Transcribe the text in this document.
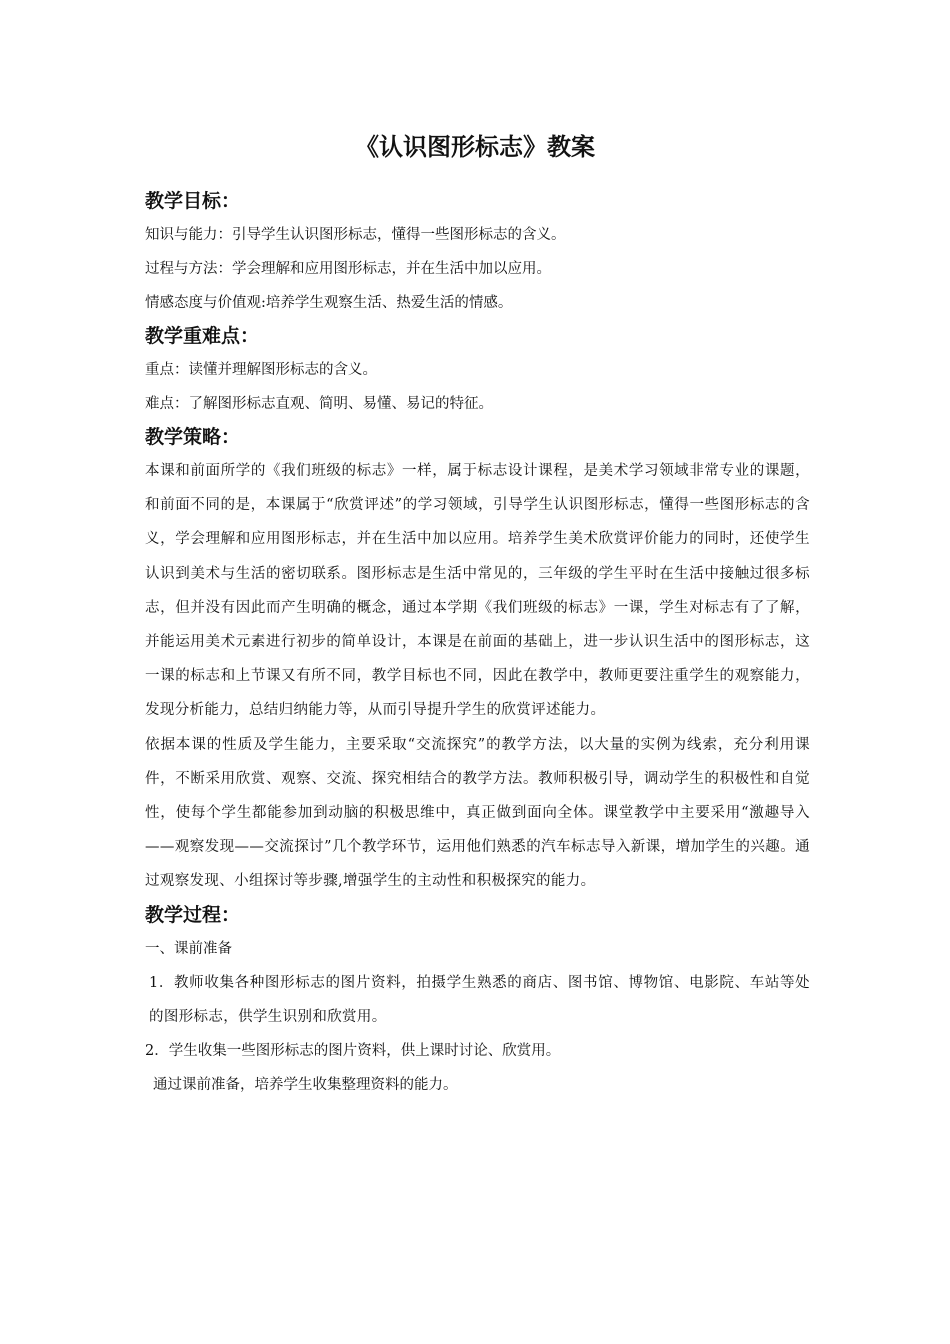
《认识图形标志》教案
教学目标：

知识与能力：引导学生认识图形标志，懂得一些图形标志的含义。

过程与方法：学会理解和应用图形标志，并在生活中加以应用。

情感态度与价值观:培养学生观察生活、热爱生活的情感。

教学重难点：

重点：读懂并理解图形标志的含义。

难点：了解图形标志直观、简明、易懂、易记的特征。

教学策略：

本课和前面所学的《我们班级的标志》一样，属于标志设计课程，是美术学习领域非常专业的课题，和前面不同的是，本课属于“欣赏评述”的学习领域，引导学生认识图形标志，懂得一些图形标志的含义，学会理解和应用图形标志，并在生活中加以应用。培养学生美术欣赏评价能力的同时，还使学生认识到美术与生活的密切联系。图形标志是生活中常见的，三年级的学生平时在生活中接触过很多标志，但并没有因此而产生明确的概念，通过本学期《我们班级的标志》一课，学生对标志有了了解，并能运用美术元素进行初步的简单设计，本课是在前面的基础上，进一步认识生活中的图形标志，这一课的标志和上节课又有所不同，教学目标也不同，因此在教学中，教师更要注重学生的观察能力，发现分析能力，总结归纳能力等，从而引导提升学生的欣赏评述能力。

依据本课的性质及学生能力，主要采取“交流探究”的教学方法，以大量的实例为线索，充分利用课件，不断采用欣赏、观察、交流、探究相结合的教学方法。教师积极引导，调动学生的积极性和自觉性，使每个学生都能参加到动脑的积极思维中，真正做到面向全体。课堂教学中主要采用“激趣导入——观察发现——交流探讨”几个教学环节，运用他们熟悉的汽车标志导入新课，增加学生的兴趣。通过观察发现、小组探讨等步骤,增强学生的主动性和积极探究的能力。

教学过程：

一、课前准备

1．教师收集各种图形标志的图片资料，拍摄学生熟悉的商店、图书馆、博物馆、电影院、车站等处的图形标志，供学生识别和欣赏用。

2．学生收集一些图形标志的图片资料，供上课时讨论、欣赏用。

通过课前准备，培养学生收集整理资料的能力。
